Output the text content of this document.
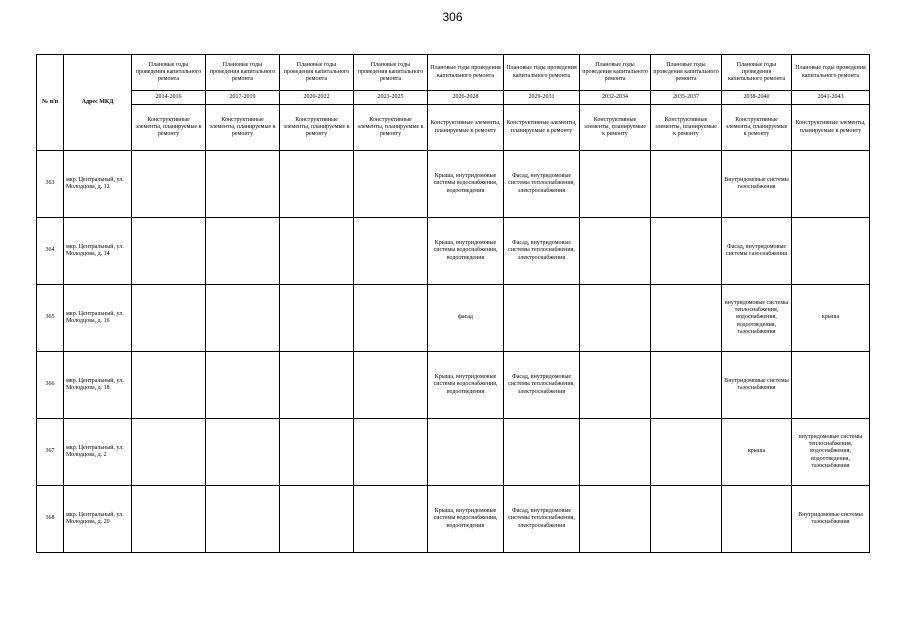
306
№ п/п	Адрес МКД	Плановые годы проведения капитального ремонта	Плановые годы проведения капитального ремонта	Плановые годы проведения капитального ремонта	Плановые годы проведения капитального ремонта	Плановые годы проведения капитального ремонта	Плановые годы проведения капитального ремонта	Плановые годы проведения капитального ремонта	Плановые годы проведения капитального ремонта	Плановые годы проведения капитального ремонта	Плановые годы проведения капитального ремонта
		2014-2016	2017-2019	2020-2022	2023-2025	2026-2028	2029-2031	2032-2034	2035-2037	2038-2040	2041-2043
		Конструктивные элементы, планируемые к ремонту	Конструктивные элементы, планируемые к ремонту	Конструктивные элементы, планируемые к ремонту	Конструктивные элементы, планируемые к ремонту	Конструктивные элементы, планируемые к ремонту	Конструктивные элементы, планируемые к ремонту	Конструктивные элементы, планируемые к ремонту	Конструктивные элементы, планируемые к ремонту	Конструктивные элементы, планируемые к ремонту	Конструктивные элементы, планируемые к ремонту
363	мкр. Центральный, ул. Молодцова, д. 12					Крыша, внутридомовые системы водоснабжения, водоотведения	Фасад, внутридомовые системы теплоснабжения, электроснабжения			Внутридомовые системы газоснабжения	
364	мкр. Центральный, ул. Молодцова, д. 14					Крыша, внутридомовые системы водоснабжения, водоотведения	Фасад, внутридомовые системы теплоснабжения, электроснабжения			Фасад, внутридомовые системы газоснабжения	
365	мкр. Центральный, ул. Молодцова, д. 16					фасад				внутридомовые системы теплоснабжения, водоснабжения, водоотведения, газоснабжения	крыша
366	мкр. Центральный, ул. Молодцова, д. 18					Крыша, внутридомовые системы водоснабжения, водоотведения	Фасад, внутридомовые системы теплоснабжения, электроснабжения			Внутридомовые системы газоснабжения	
367	мкр. Центральный, ул. Молодцова, д. 2									крыша	внутридомовые системы теплоснабжения, водоснабжения, водоотведения, газоснабжения
368	мкр. Центральный, ул. Молодцова, д. 20					Крыша, внутридомовые системы водоснабжения, водоотведения	Фасад, внутридомовые системы теплоснабжения, электроснабжения				Внутридомовые системы газоснабжения
